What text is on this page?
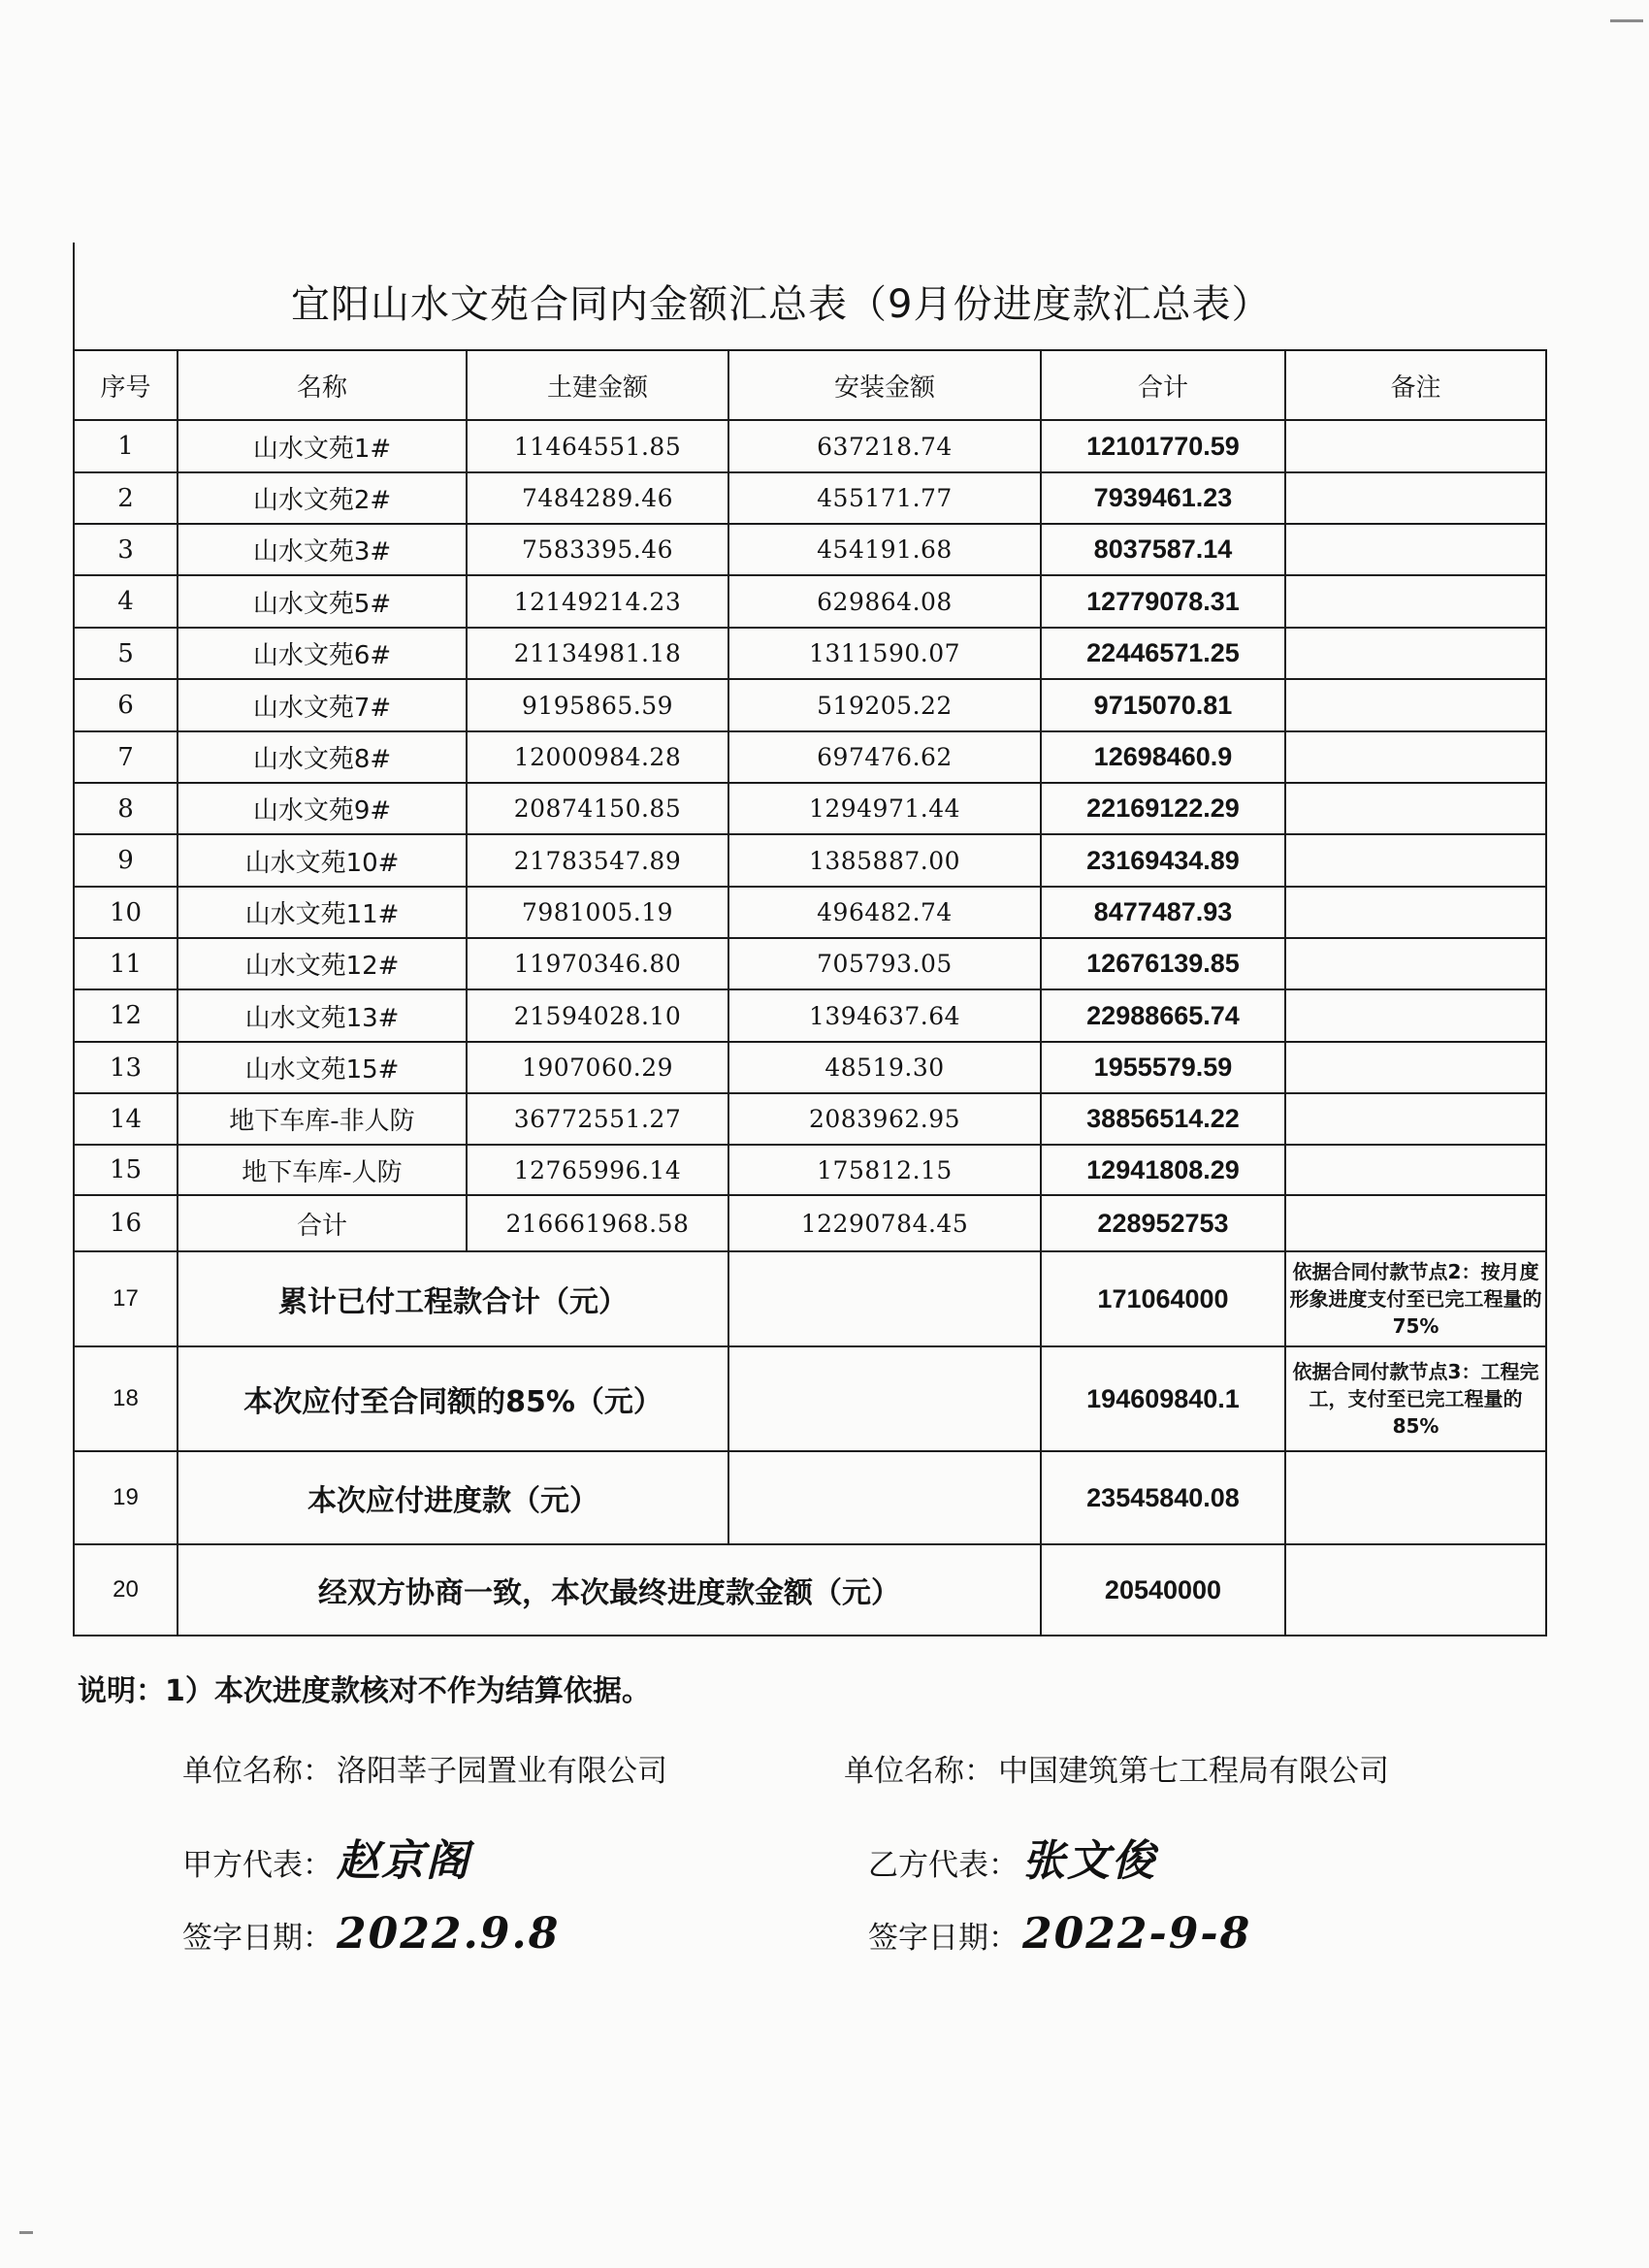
宜阳山水文苑合同内金额汇总表（9月份进度款汇总表）
序号	名称	土建金额	安装金额	合计	备注
1	山水文苑1#	11464551.85	637218.74	12101770.59	
2	山水文苑2#	7484289.46	455171.77	7939461.23	
3	山水文苑3#	7583395.46	454191.68	8037587.14	
4	山水文苑5#	12149214.23	629864.08	12779078.31	
5	山水文苑6#	21134981.18	1311590.07	22446571.25	
6	山水文苑7#	9195865.59	519205.22	9715070.81	
7	山水文苑8#	12000984.28	697476.62	12698460.9	
8	山水文苑9#	20874150.85	1294971.44	22169122.29	
9	山水文苑10#	21783547.89	1385887.00	23169434.89	
10	山水文苑11#	7981005.19	496482.74	8477487.93	
11	山水文苑12#	11970346.80	705793.05	12676139.85	
12	山水文苑13#	21594028.10	1394637.64	22988665.74	
13	山水文苑15#	1907060.29	48519.30	1955579.59	
14	地下车库-非人防	36772551.27	2083962.95	38856514.22	
15	地下车库-人防	12765996.14	175812.15	12941808.29	
16	合计	216661968.58	12290784.45	228952753	
17	累计已付工程款合计（元）			171064000	依据合同付款节点2：按月度形象进度支付至已完工程量的75%
18	本次应付至合同额的85%（元）			194609840.1	依据合同付款节点3：工程完工，支付至已完工程量的85%
19	本次应付进度款（元）			23545840.08	
20	经双方协商一致，本次最终进度款金额（元）			20540000	
说明：1）本次进度款核对不作为结算依据。
单位名称： 洛阳莘子园置业有限公司	单位名称： 中国建筑第七工程局有限公司
甲方代表：赵京阁	乙方代表：张文俊
签字日期：2022.9.8	签字日期：2022-9-8
